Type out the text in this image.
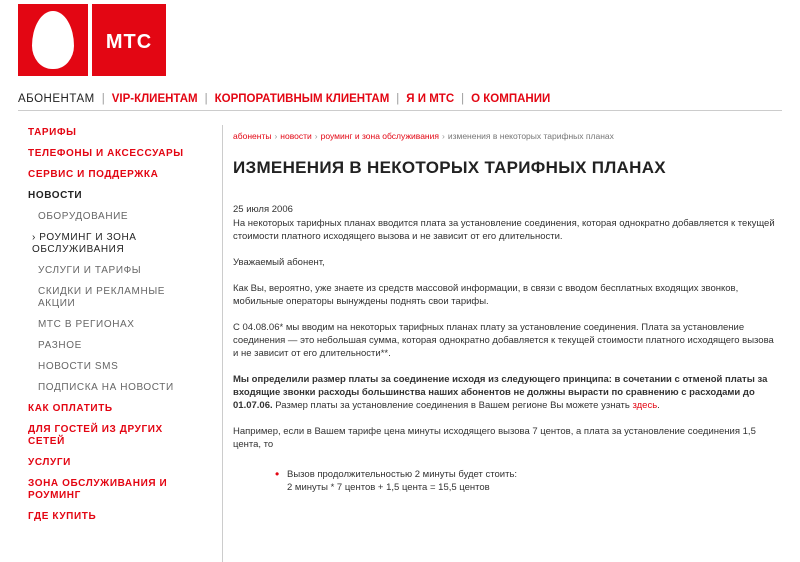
МТС
АБОНЕНТАМ | VIP-КЛИЕНТАМ | КОРПОРАТИВНЫМ КЛИЕНТАМ | Я И МТС | О КОМПАНИИ
ТАРИФЫ
ТЕЛЕФОНЫ И АКСЕССУАРЫ
СЕРВИС И ПОДДЕРЖКА
НОВОСТИ
ОБОРУДОВАНИЕ
› РОУМИНГ И ЗОНА ОБСЛУЖИВАНИЯ
УСЛУГИ И ТАРИФЫ
СКИДКИ И РЕКЛАМНЫЕ АКЦИИ
МТС В РЕГИОНАХ
РАЗНОЕ
НОВОСТИ SMS
ПОДПИСКА НА НОВОСТИ
КАК ОПЛАТИТЬ
ДЛЯ ГОСТЕЙ ИЗ ДРУГИХ СЕТЕЙ
УСЛУГИ
ЗОНА ОБСЛУЖИВАНИЯ И РОУМИНГ
ГДЕ КУПИТЬ
абоненты › новости › роуминг и зона обслуживания › изменения в некоторых тарифных планах
ИЗМЕНЕНИЯ В НЕКОТОРЫХ ТАРИФНЫХ ПЛАНАХ
25 июля 2006

На некоторых тарифных планах вводится плата за установление соединения, которая однократно добавляется к текущей стоимости платного исходящего вызова и не зависит от его длительности.

Уважаемый абонент,

Как Вы, вероятно, уже знаете из средств массовой информации, в связи с вводом бесплатных входящих звонков, мобильные операторы вынуждены поднять свои тарифы.

С 04.08.06* мы вводим на некоторых тарифных планах плату за установление соединения. Плата за установление соединения — это небольшая сумма, которая однократно добавляется к текущей стоимости платного исходящего вызова и не зависит от его длительности**.

Мы определили размер платы за соединение исходя из следующего принципа: в сочетании с отменой платы за входящие звонки расходы большинства наших абонентов не должны вырасти по сравнению с расходами до 01.07.06. Размер платы за установление соединения в Вашем регионе Вы можете узнать здесь.

Например, если в Вашем тарифе цена минуты исходящего вызова 7 центов, а плата за установление соединения 1,5 цента, то

• Вызов продолжительностью 2 минуты будет стоить:
2 минуты * 7 центов + 1,5 цента = 15,5 центов
